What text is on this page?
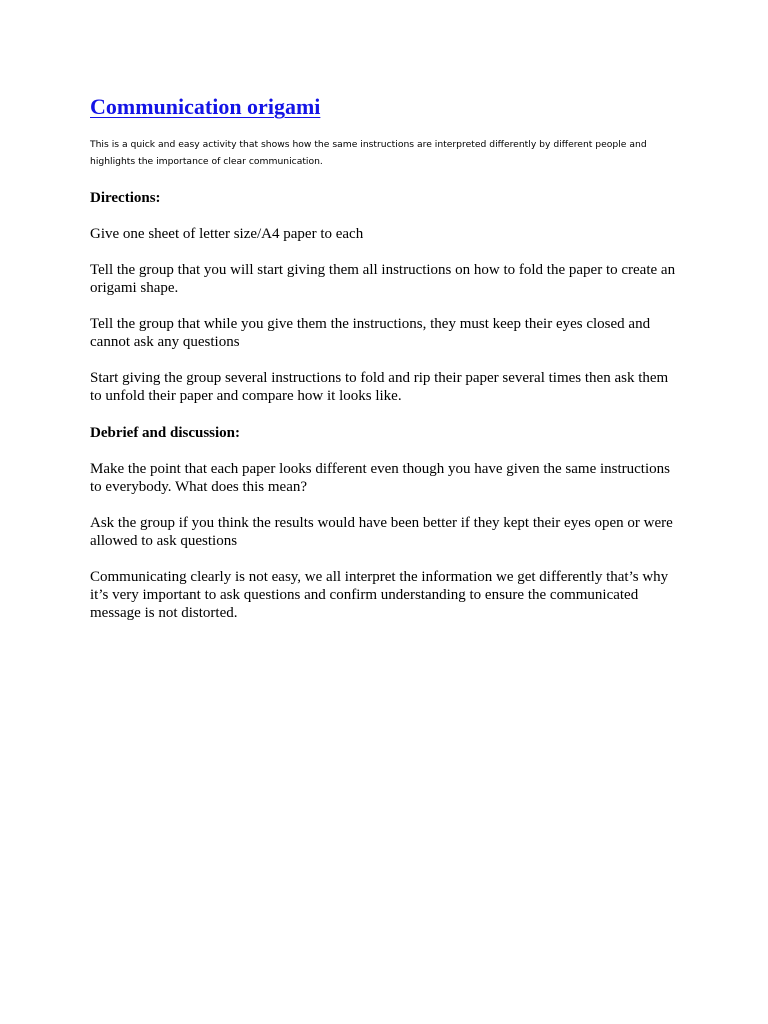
Communication origami

This is a quick and easy activity that shows how the same instructions are interpreted differently by different people and highlights the importance of clear communication.

Directions:

Give one sheet of letter size/A4 paper to each

Tell the group that you will start giving them all instructions on how to fold the paper to create an origami shape.

Tell the group that while you give them the instructions, they must keep their eyes closed and cannot ask any questions

Start giving the group several instructions to fold and rip their paper several times then ask them to unfold their paper and compare how it looks like.

Debrief and discussion:

Make the point that each paper looks different even though you have given the same instructions to everybody. What does this mean?

Ask the group if you think the results would have been better if they kept their eyes open or were allowed to ask questions

Communicating clearly is not easy, we all interpret the information we get differently that’s why it’s very important to ask questions and confirm understanding to ensure the communicated message is not distorted.
